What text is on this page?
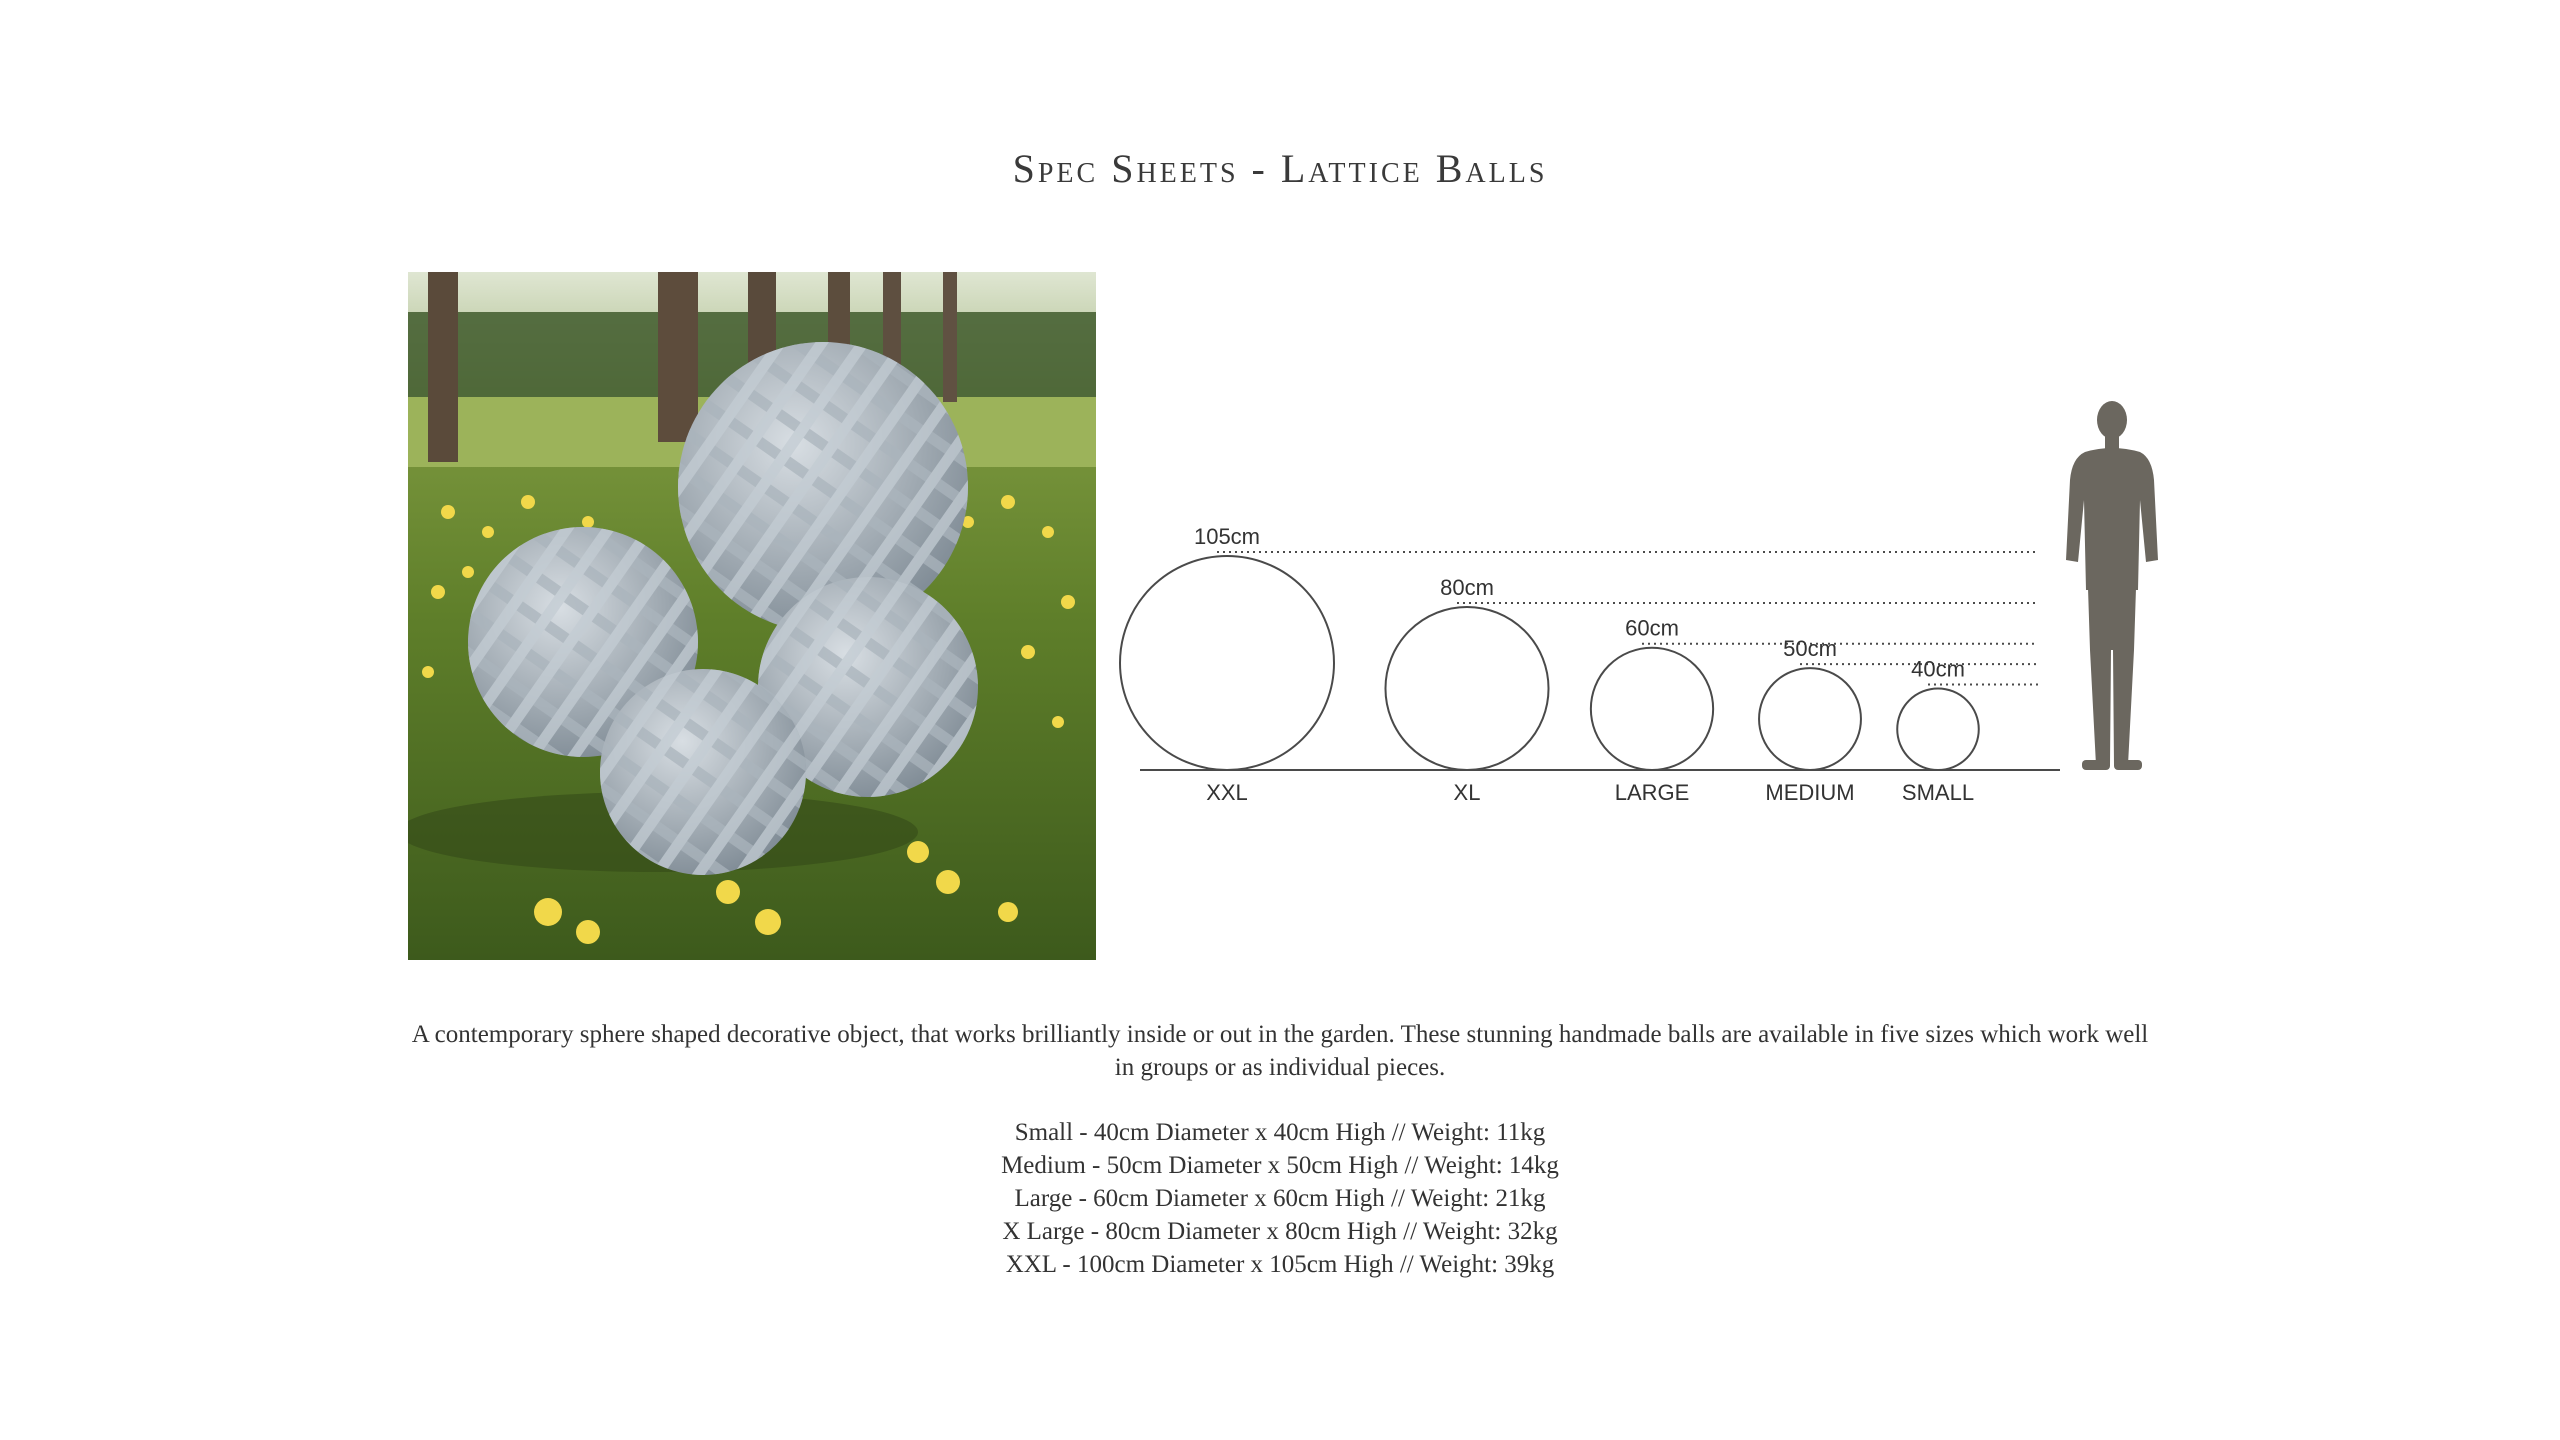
Spec Sheets - Lattice Balls
105cm
XXL
80cm
XL
60cm
LARGE
50cm
MEDIUM
40cm
SMALL
A contemporary sphere shaped decorative object, that works brilliantly inside or out in the garden. These stunning handmade balls are available in five sizes which work well in groups or as individual pieces.
Small - 40cm Diameter x 40cm High // Weight: 11kg
Medium - 50cm Diameter x 50cm High // Weight: 14kg
Large - 60cm Diameter x 60cm High // Weight: 21kg
X Large - 80cm Diameter x 80cm High // Weight: 32kg
XXL - 100cm Diameter x 105cm High // Weight: 39kg
